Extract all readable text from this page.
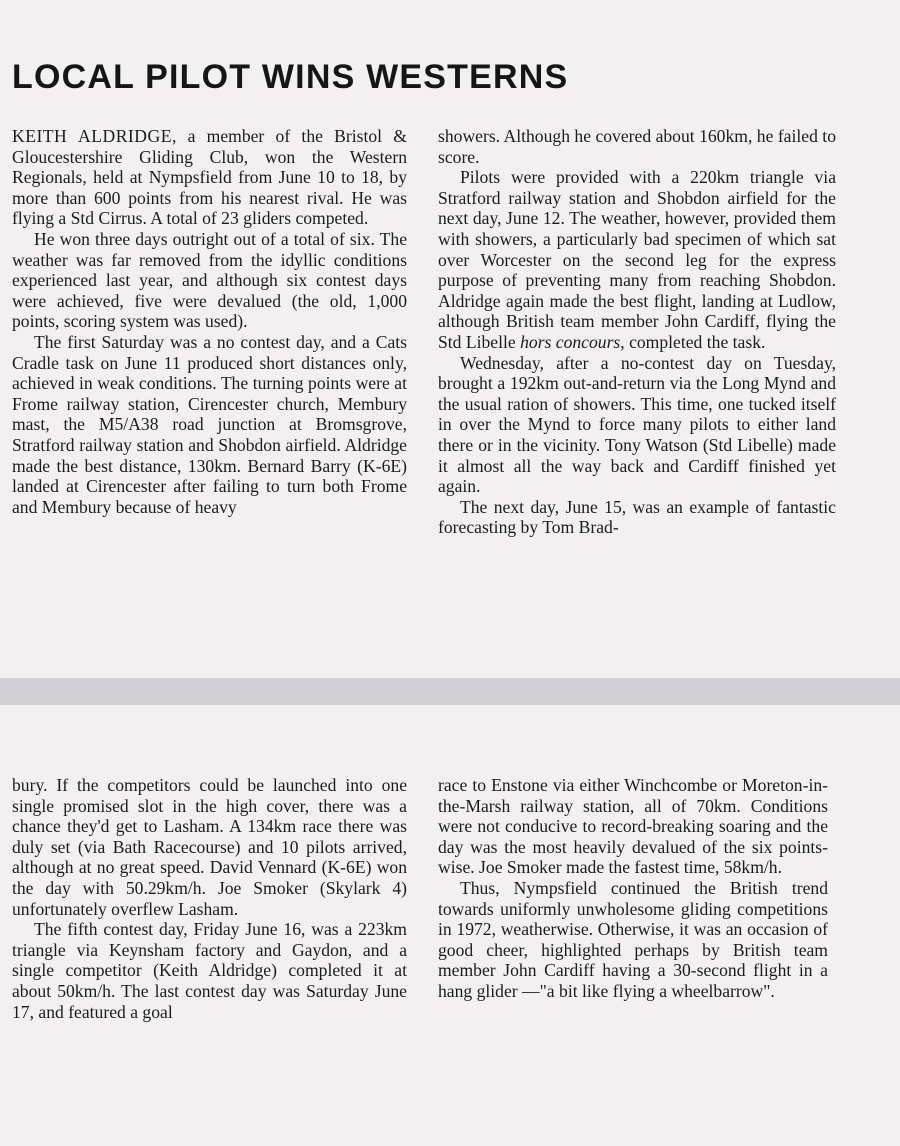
LOCAL PILOT WINS WESTERNS

KEITH ALDRIDGE, a member of the Bristol & Gloucestershire Gliding Club, won the Western Regionals, held at Nympsfield from June 10 to 18, by more than 600 points from his nearest rival. He was flying a Std Cirrus. A total of 23 gliders competed.

He won three days outright out of a total of six. The weather was far removed from the idyllic conditions experienced last year, and although six contest days were achieved, five were devalued (the old, 1,000 points, scoring system was used).

The first Saturday was a no contest day, and a Cats Cradle task on June 11 produced short distances only, achieved in weak conditions. The turning points were at Frome railway station, Cirencester church, Membury mast, the M5/A38 road junction at Bromsgrove, Stratford railway station and Shobdon airfield. Aldridge made the best distance, 130km. Bernard Barry (K-6E) landed at Cirencester after failing to turn both Frome and Membury because of heavy

showers. Although he covered about 160km, he failed to score.

Pilots were provided with a 220km triangle via Stratford railway station and Shobdon airfield for the next day, June 12. The weather, however, provided them with showers, a particularly bad specimen of which sat over Worcester on the second leg for the express purpose of preventing many from reaching Shobdon. Aldridge again made the best flight, landing at Ludlow, although British team member John Cardiff, flying the Std Libelle hors concours, completed the task.

Wednesday, after a no-contest day on Tuesday, brought a 192km out-and-return via the Long Mynd and the usual ration of showers. This time, one tucked itself in over the Mynd to force many pilots to either land there or in the vicinity. Tony Watson (Std Libelle) made it almost all the way back and Cardiff finished yet again.

The next day, June 15, was an example of fantastic forecasting by Tom Brad-

bury. If the competitors could be launched into one single promised slot in the high cover, there was a chance they'd get to Lasham. A 134km race there was duly set (via Bath Racecourse) and 10 pilots arrived, although at no great speed. David Vennard (K-6E) won the day with 50.29km/h. Joe Smoker (Skylark 4) unfortunately overflew Lasham.

The fifth contest day, Friday June 16, was a 223km triangle via Keynsham factory and Gaydon, and a single competitor (Keith Aldridge) completed it at about 50km/h. The last contest day was Saturday June 17, and featured a goal

race to Enstone via either Winchcombe or Moreton-in-the-Marsh railway station, all of 70km. Conditions were not conducive to record-breaking soaring and the day was the most heavily devalued of the six points-wise. Joe Smoker made the fastest time, 58km/h.

Thus, Nympsfield continued the British trend towards uniformly unwholesome gliding competitions in 1972, weatherwise. Otherwise, it was an occasion of good cheer, highlighted perhaps by British team member John Cardiff having a 30-second flight in a hang glider —"a bit like flying a wheelbarrow".
